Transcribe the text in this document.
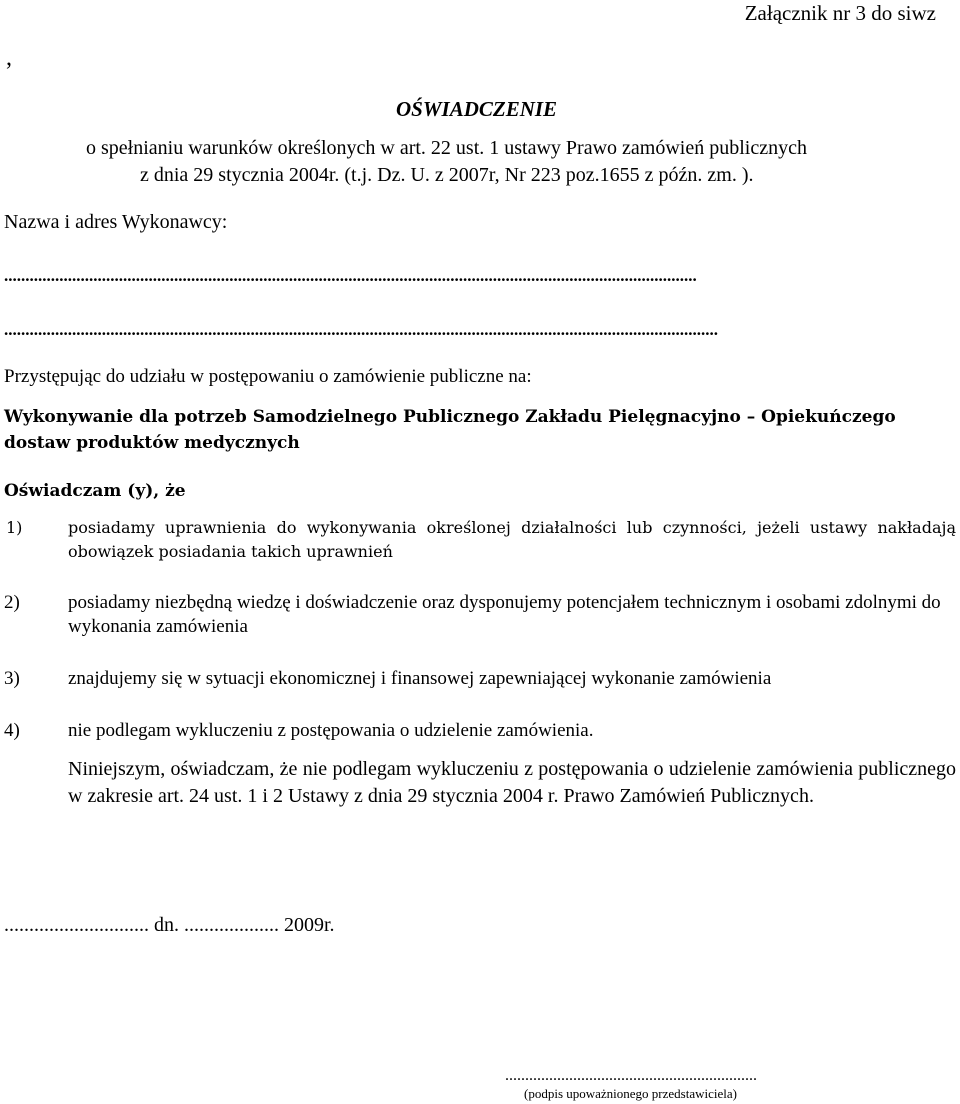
Załącznik nr 3 do siwz
,
OŚWIADCZENIE
o spełnianiu warunków określonych w art. 22 ust. 1 ustawy Prawo zamówień publicznych
z dnia 29 stycznia 2004r. (t.j. Dz. U. z 2007r, Nr 223 poz.1655 z późn. zm. ).
Nazwa i adres Wykonawcy:
...................................................................................................................................................................
........................................................................................................................................................................
Przystępując do udziału w postępowaniu o zamówienie publiczne na:
Wykonywanie dla potrzeb Samodzielnego Publicznego Zakładu Pielęgnacyjno – Opiekuńczego dostaw produktów medycznych
Oświadczam (y), że
1)	posiadamy uprawnienia do wykonywania określonej działalności lub czynności, jeżeli ustawy nakładają obowiązek posiadania takich uprawnień
2)	posiadamy niezbędną wiedzę i doświadczenie oraz dysponujemy potencjałem technicznym i osobami zdolnymi do wykonania zamówienia
3)	znajdujemy się w sytuacji ekonomicznej i finansowej zapewniającej wykonanie zamówienia
4)	nie podlegam wykluczeniu z postępowania o udzielenie zamówienia.
Niniejszym, oświadczam, że nie podlegam wykluczeniu z postępowania o udzielenie zamówienia publicznego w zakresie art. 24 ust. 1 i 2 Ustawy z dnia 29 stycznia 2004 r. Prawo Zamówień Publicznych.
............................. dn. ................... 2009r.
...............................................................
(podpis upoważnionego przedstawiciela)
